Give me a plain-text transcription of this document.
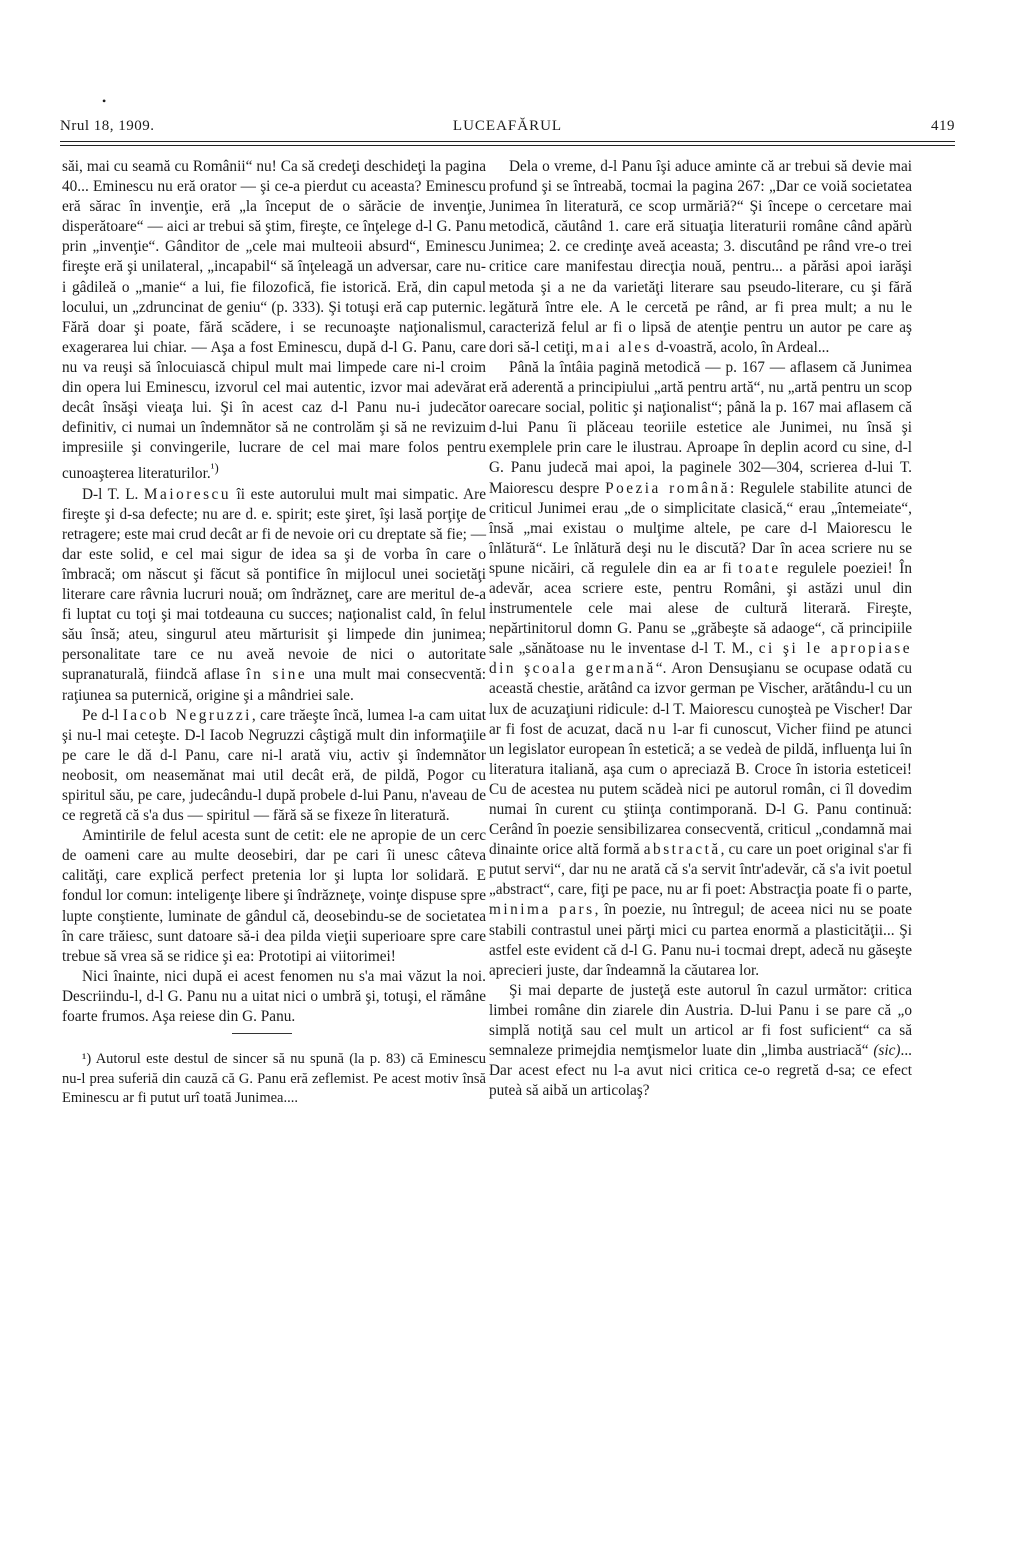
•
Nrul 18, 1909.	LUCEAFĂRUL	419

săi, mai cu seamă cu Românii“ nu! Ca să credeţi deschideţi la pagina 40... Eminescu nu eră orator — şi ce-a pierdut cu aceasta? Eminescu eră sărac în invenţie, eră „la început de o sărăcie de invenţie, disperătoare“ — aici ar trebui să ştim, fireşte, ce înţelege d-l G. Panu prin „invenţie“. Gânditor de „cele mai multeoii absurd“, Eminescu fireşte eră şi unilateral, „incapabil“ să înţeleagă un adversar, care nu-i gâdileă o „manie“ a lui, fie filozofică, fie istorică. Eră, din capul locului, un „zdruncinat de geniu“ (p. 333). Şi totuşi eră cap puternic. Fără doar şi poate, fără scădere, i se recunoaşte naţionalismul, exagerarea lui chiar. — Aşa a fost Eminescu, după d-l G. Panu, care nu va reuşi să înlocuiască chipul mult mai limpede care ni-l croim din opera lui Eminescu, izvorul cel mai autentic, izvor mai adevărat decât însăşi vieaţa lui. Şi în acest caz d-l Panu nu-i judecător definitiv, ci numai un îndemnător să ne controlăm şi să ne revizuim impresiile şi convingerile, lucrare de cel mai mare folos pentru cunoaşterea literaturilor.$^{^1)}$

D-l T. L. Maiorescu îi este autorului mult mai simpatic. Are fireşte şi d-sa defecte; nu are d. e. spirit; este şiret, îşi lasă porţiţe de retragere; este mai crud decât ar fi de nevoie ori cu dreptate să fie; — dar este solid, e cel mai sigur de idea sa şi de vorba în care o îmbracă; om născut şi făcut să pontifice în mijlocul unei societăţi literare care râvnia lucruri nouă; om îndrăzneţ, care are meritul de-a fi luptat cu toţi şi mai totdeauna cu succes; naţionalist cald, în felul său însă; ateu, singurul ateu mărturisit şi limpede din junimea; personalitate tare ce nu aveă nevoie de nici o autoritate supranaturală, fiindcă aflase în sine una mult mai consecventă: raţiunea sa puternică, origine şi a mândriei sale.

Pe d-l Iacob Negruzzi, care trăeşte încă, lumea l-a cam uitat şi nu-l mai ceteşte. D-l Iacob Negruzzi câştigă mult din informaţiile pe care le dă d-l Panu, care ni-l arată viu, activ şi îndemnător neobosit, om neasemănat mai util decât eră, de pildă, Pogor cu spiritul său, pe care, judecându-l după probele d-lui Panu, n'aveau de ce regretă că s'a dus — spiritul — fără să se fixeze în literatură.

Amintirile de felul acesta sunt de cetit: ele ne apropie de un cerc de oameni care au multe deosebiri, dar pe cari îi unesc câteva calităţi, care explică perfect pretenia lor şi lupta lor solidară. E fondul lor comun: inteligenţe libere şi îndrăzneţe, voinţe dispuse spre lupte conştiente, luminate de gândul că, deosebindu-se de societatea în care trăiesc, sunt datoare să-i dea pilda vieţii superioare spre care trebue să vrea să se ridice şi ea: Prototipi ai viitorimei!

Nici înainte, nici după ei acest fenomen nu s'a mai văzut la noi. Descriindu-l, d-l G. Panu nu a uitat nici o umbră şi, totuşi, el rămâne foarte frumos. Aşa reiese din G. Panu.

¹) Autorul este destul de sincer să nu spună (la p. 83) că Eminescu nu-l prea suferiă din cauză că G. Panu eră zeflemist. Pe acest motiv însă Eminescu ar fi putut urî toată Junimea....

Dela o vreme, d-l Panu îşi aduce aminte că ar trebui să devie mai profund şi se întreabă, tocmai la pagina 267: „Dar ce voiă societatea Junimea în literatură, ce scop urmăriă?“ Şi începe o cercetare mai metodică, căutând 1. care eră situaţia literaturii române când apărù Junimea; 2. ce credinţe aveă aceasta; 3. discutând pe rând vre-o trei critice care manifestau direcţia nouă, pentru... a părăsi apoi iarăşi metoda şi a ne da varietăţi literare sau pseudo-literare, cu şi fără legătură între ele. A le cercetă pe rând, ar fi prea mult; a nu le caracteriză felul ar fi o lipsă de atenţie pentru un autor pe care aş dori să-l cetiţi, mai ales d-voastră, acolo, în Ardeal...

Până la întâia pagină metodică — p. 167 — aflasem că Junimea eră aderentă a principiului „artă pentru artă“, nu „artă pentru un scop oarecare social, politic şi naţionalist“; până la p. 167 mai aflasem că d-lui Panu îi plăceau teoriile estetice ale Junimei, nu însă şi exemplele prin care le ilustrau. Aproape în deplin acord cu sine, d-l G. Panu judecă mai apoi, la paginele 302—304, scrierea d-lui T. Maiorescu despre Poezia română: Regulele stabilite atunci de criticul Junimei erau „de o simplicitate clasică,“ erau „întemeiate“, însă „mai existau o mulţime altele, pe care d-l Maiorescu le înlătură“. Le înlătură deşi nu le discută? Dar în acea scriere nu se spune nicăiri, că regulele din ea ar fi toate regulele poeziei! În adevăr, acea scriere este, pentru Români, şi astăzi unul din instrumentele cele mai alese de cultură literară. Fireşte, nepărtinitorul domn G. Panu se „grăbeşte să adaoge“, că principiile sale „sănătoase nu le inventase d-l T. M., ci şi le apropiase din şcoala germană“. Aron Densuşianu se ocupase odată cu această chestie, arătând ca izvor german pe Vischer, arătându-l cu un lux de acuzaţiuni ridicule: d-l T. Maiorescu cunoşteà pe Vischer! Dar ar fi fost de acuzat, dacă nu l-ar fi cunoscut, Vicher fiind pe atunci un legislator european în estetică; a se vedeà de pildă, influenţa lui în literatura italiană, aşa cum o apreciază B. Croce în istoria esteticei! Cu de acestea nu putem scădeà nici pe autorul român, ci îl dovedim numai în curent cu ştiinţa contimporană. D-l G. Panu continuă: Cerând în poezie sensibilizarea consecventă, criticul „condamnă mai dinainte orice altă formă abstractă, cu care un poet original s'ar fi putut servi“, dar nu ne arată că s'a servit într'adevăr, că s'a ivit poetul „abstract“, care, fiţi pe pace, nu ar fi poet: Abstracţia poate fi o parte, minima pars, în poezie, nu întregul; de aceea nici nu se poate stabili contrastul unei părţi mici cu partea enormă a plasticităţii... Şi astfel este evident că d-l G. Panu nu-i tocmai drept, adecă nu găseşte aprecieri juste, dar îndeamnă la căutarea lor.

Şi mai departe de justeţă este autorul în cazul următor: critica limbei române din ziarele din Austria. D-lui Panu i se pare că „o simplă notiţă sau cel mult un articol ar fi fost suficient“ ca să semnaleze primejdia nemţismelor luate din „limba austriacă“ (sic)... Dar acest efect nu l-a avut nici critica ce-o regretă d-sa; ce efect puteà să aibă un articolaş?
